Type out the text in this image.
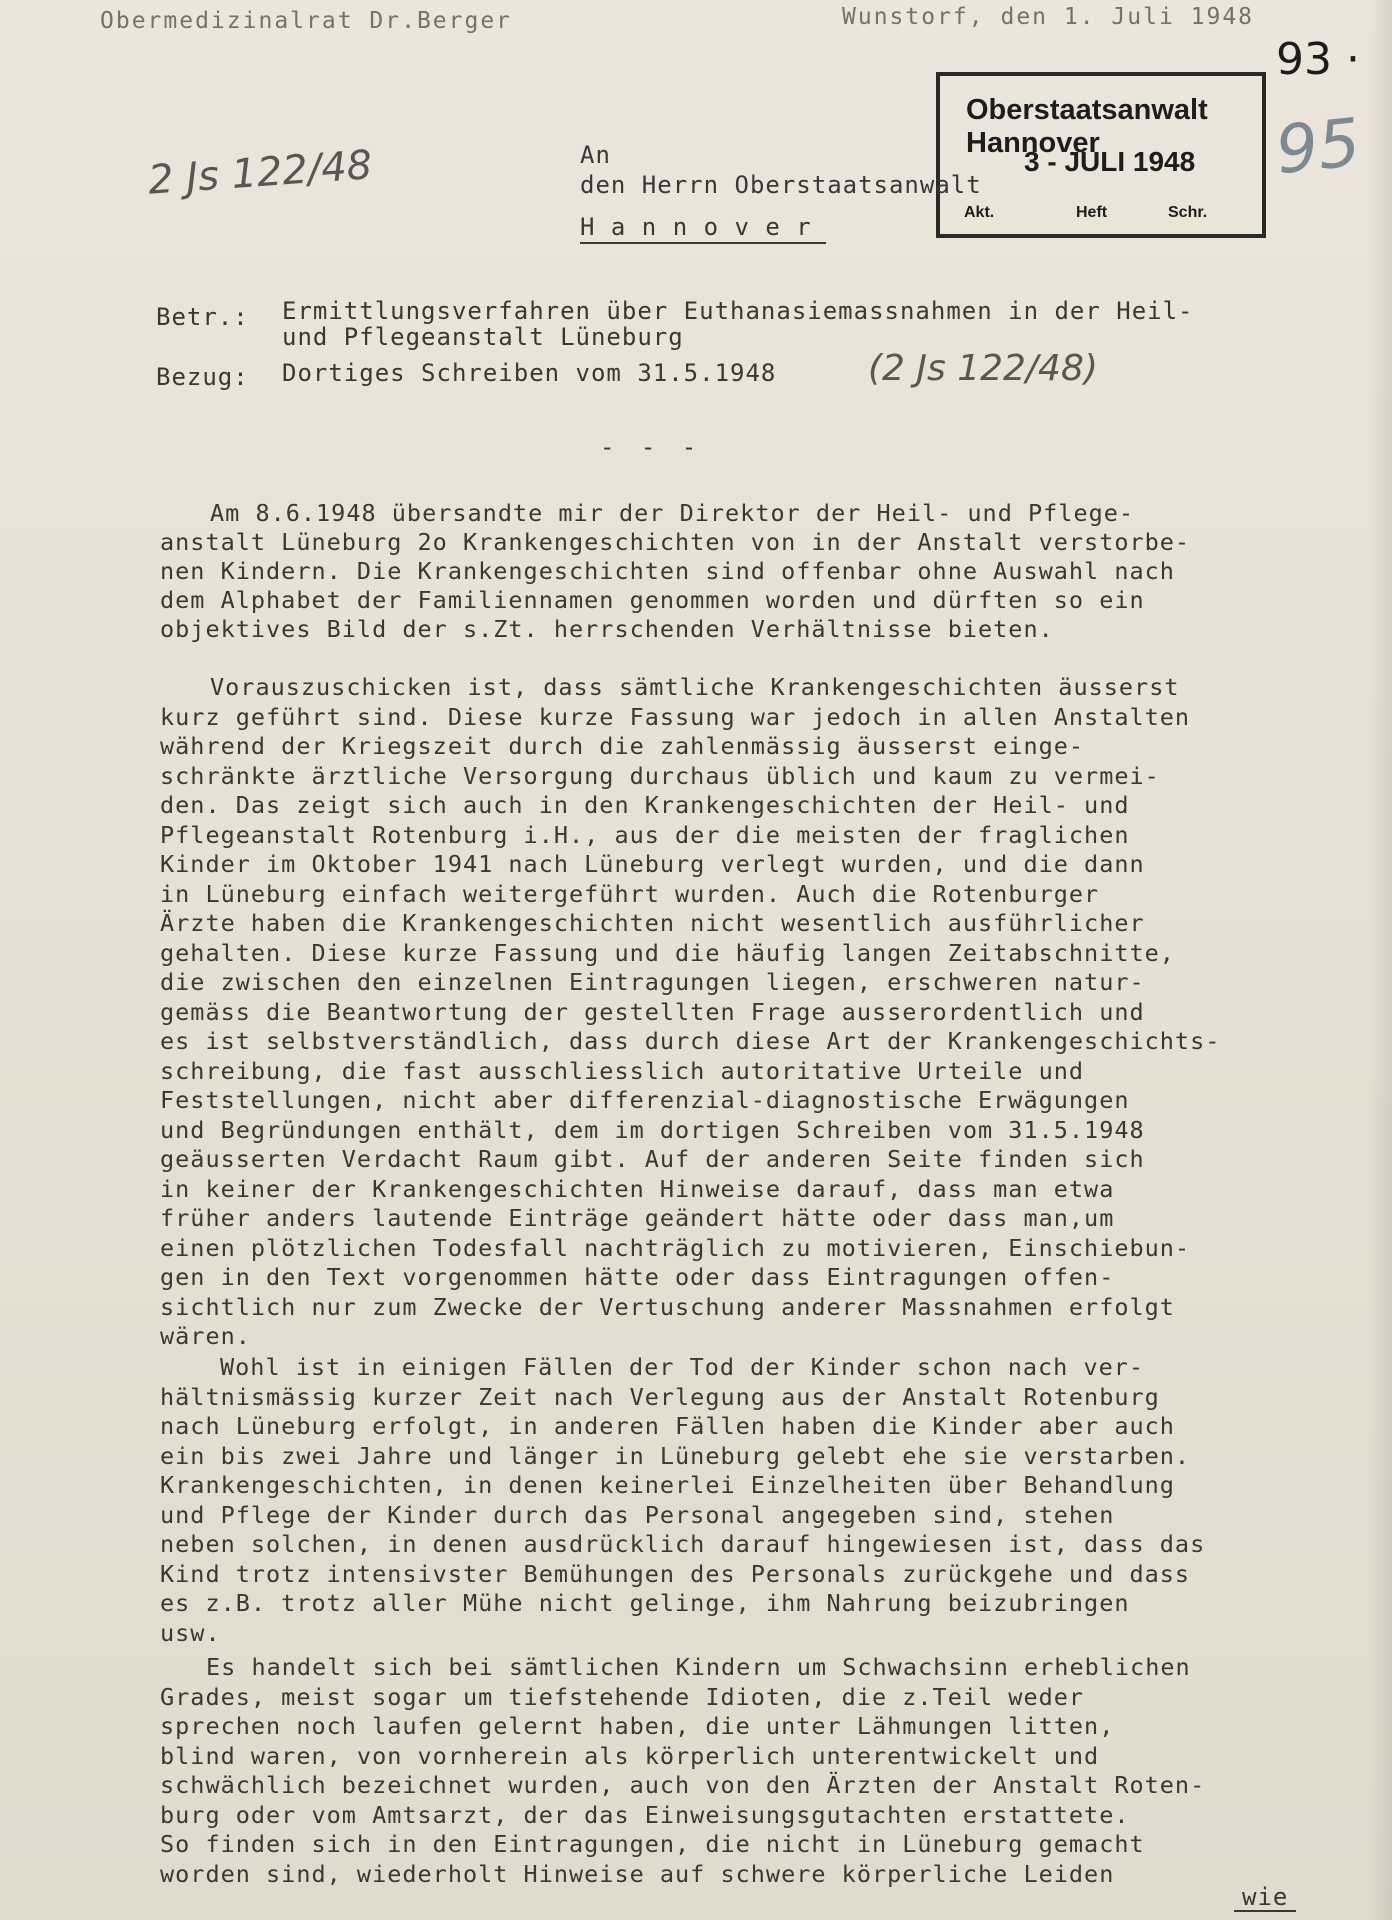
Obermedizinalrat Dr.Berger	Wunstorf, den 1. Juli 1948
93 ·
95
2 Js 122/48
Oberstaatsanwalt Hannover
3 - JULI 1948
Akt.	Heft	Schr.
An
den Herrn Oberstaatsanwalt
H a n n o v e r
Betr.: Ermittlungsverfahren über Euthanasiemassnahmen in der Heil-
und Pflegeanstalt Lüneburg
Bezug: Dortiges Schreiben vom 31.5.1948	(2 Js 122/48)
- - -
Am 8.6.1948 übersandte mir der Direktor der Heil- und Pflege-
anstalt Lüneburg 2o Krankengeschichten von in der Anstalt verstorbe-
nen Kindern. Die Krankengeschichten sind offenbar ohne Auswahl nach
dem Alphabet der Familiennamen genommen worden und dürften so ein
objektives Bild der s.Zt. herrschenden Verhältnisse bieten.
Vorauszuschicken ist, dass sämtliche Krankengeschichten äusserst
kurz geführt sind. Diese kurze Fassung war jedoch in allen Anstalten
während der Kriegszeit durch die zahlenmässig äusserst einge-
schränkte ärztliche Versorgung durchaus üblich und kaum zu vermei-
den. Das zeigt sich auch in den Krankengeschichten der Heil- und
Pflegeanstalt Rotenburg i.H., aus der die meisten der fraglichen
Kinder im Oktober 1941 nach Lüneburg verlegt wurden, und die dann
in Lüneburg einfach weitergeführt wurden. Auch die Rotenburger
Ärzte haben die Krankengeschichten nicht wesentlich ausführlicher
gehalten. Diese kurze Fassung und die häufig langen Zeitabschnitte,
die zwischen den einzelnen Eintragungen liegen, erschweren natur-
gemäss die Beantwortung der gestellten Frage ausserordentlich und
es ist selbstverständlich, dass durch diese Art der Krankengeschichts-
schreibung, die fast ausschliesslich autoritative Urteile und
Feststellungen, nicht aber differenzial-diagnostische Erwägungen
und Begründungen enthält, dem im dortigen Schreiben vom 31.5.1948
geäusserten Verdacht Raum gibt. Auf der anderen Seite finden sich
in keiner der Krankengeschichten Hinweise darauf, dass man etwa
früher anders lautende Einträge geändert hätte oder dass man,um
einen plötzlichen Todesfall nachträglich zu motivieren, Einschiebun-
gen in den Text vorgenommen hätte oder dass Eintragungen offen-
sichtlich nur zum Zwecke der Vertuschung anderer Massnahmen erfolgt
wären.
Wohl ist in einigen Fällen der Tod der Kinder schon nach ver-
hältnismässig kurzer Zeit nach Verlegung aus der Anstalt Rotenburg
nach Lüneburg erfolgt, in anderen Fällen haben die Kinder aber auch
ein bis zwei Jahre und länger in Lüneburg gelebt ehe sie verstarben.
Krankengeschichten, in denen keinerlei Einzelheiten über Behandlung
und Pflege der Kinder durch das Personal angegeben sind, stehen
neben solchen, in denen ausdrücklich darauf hingewiesen ist, dass das
Kind trotz intensivster Bemühungen des Personals zurückgehe und dass
es z.B. trotz aller Mühe nicht gelinge, ihm Nahrung beizubringen
usw.
Es handelt sich bei sämtlichen Kindern um Schwachsinn erheblichen
Grades, meist sogar um tiefstehende Idioten, die z.Teil weder
sprechen noch laufen gelernt haben, die unter Lähmungen litten,
blind waren, von vornherein als körperlich unterentwickelt und
schwächlich bezeichnet wurden, auch von den Ärzten der Anstalt Roten-
burg oder vom Amtsarzt, der das Einweisungsgutachten erstattete.
So finden sich in den Eintragungen, die nicht in Lüneburg gemacht
worden sind, wiederholt Hinweise auf schwere körperliche Leiden
wie
